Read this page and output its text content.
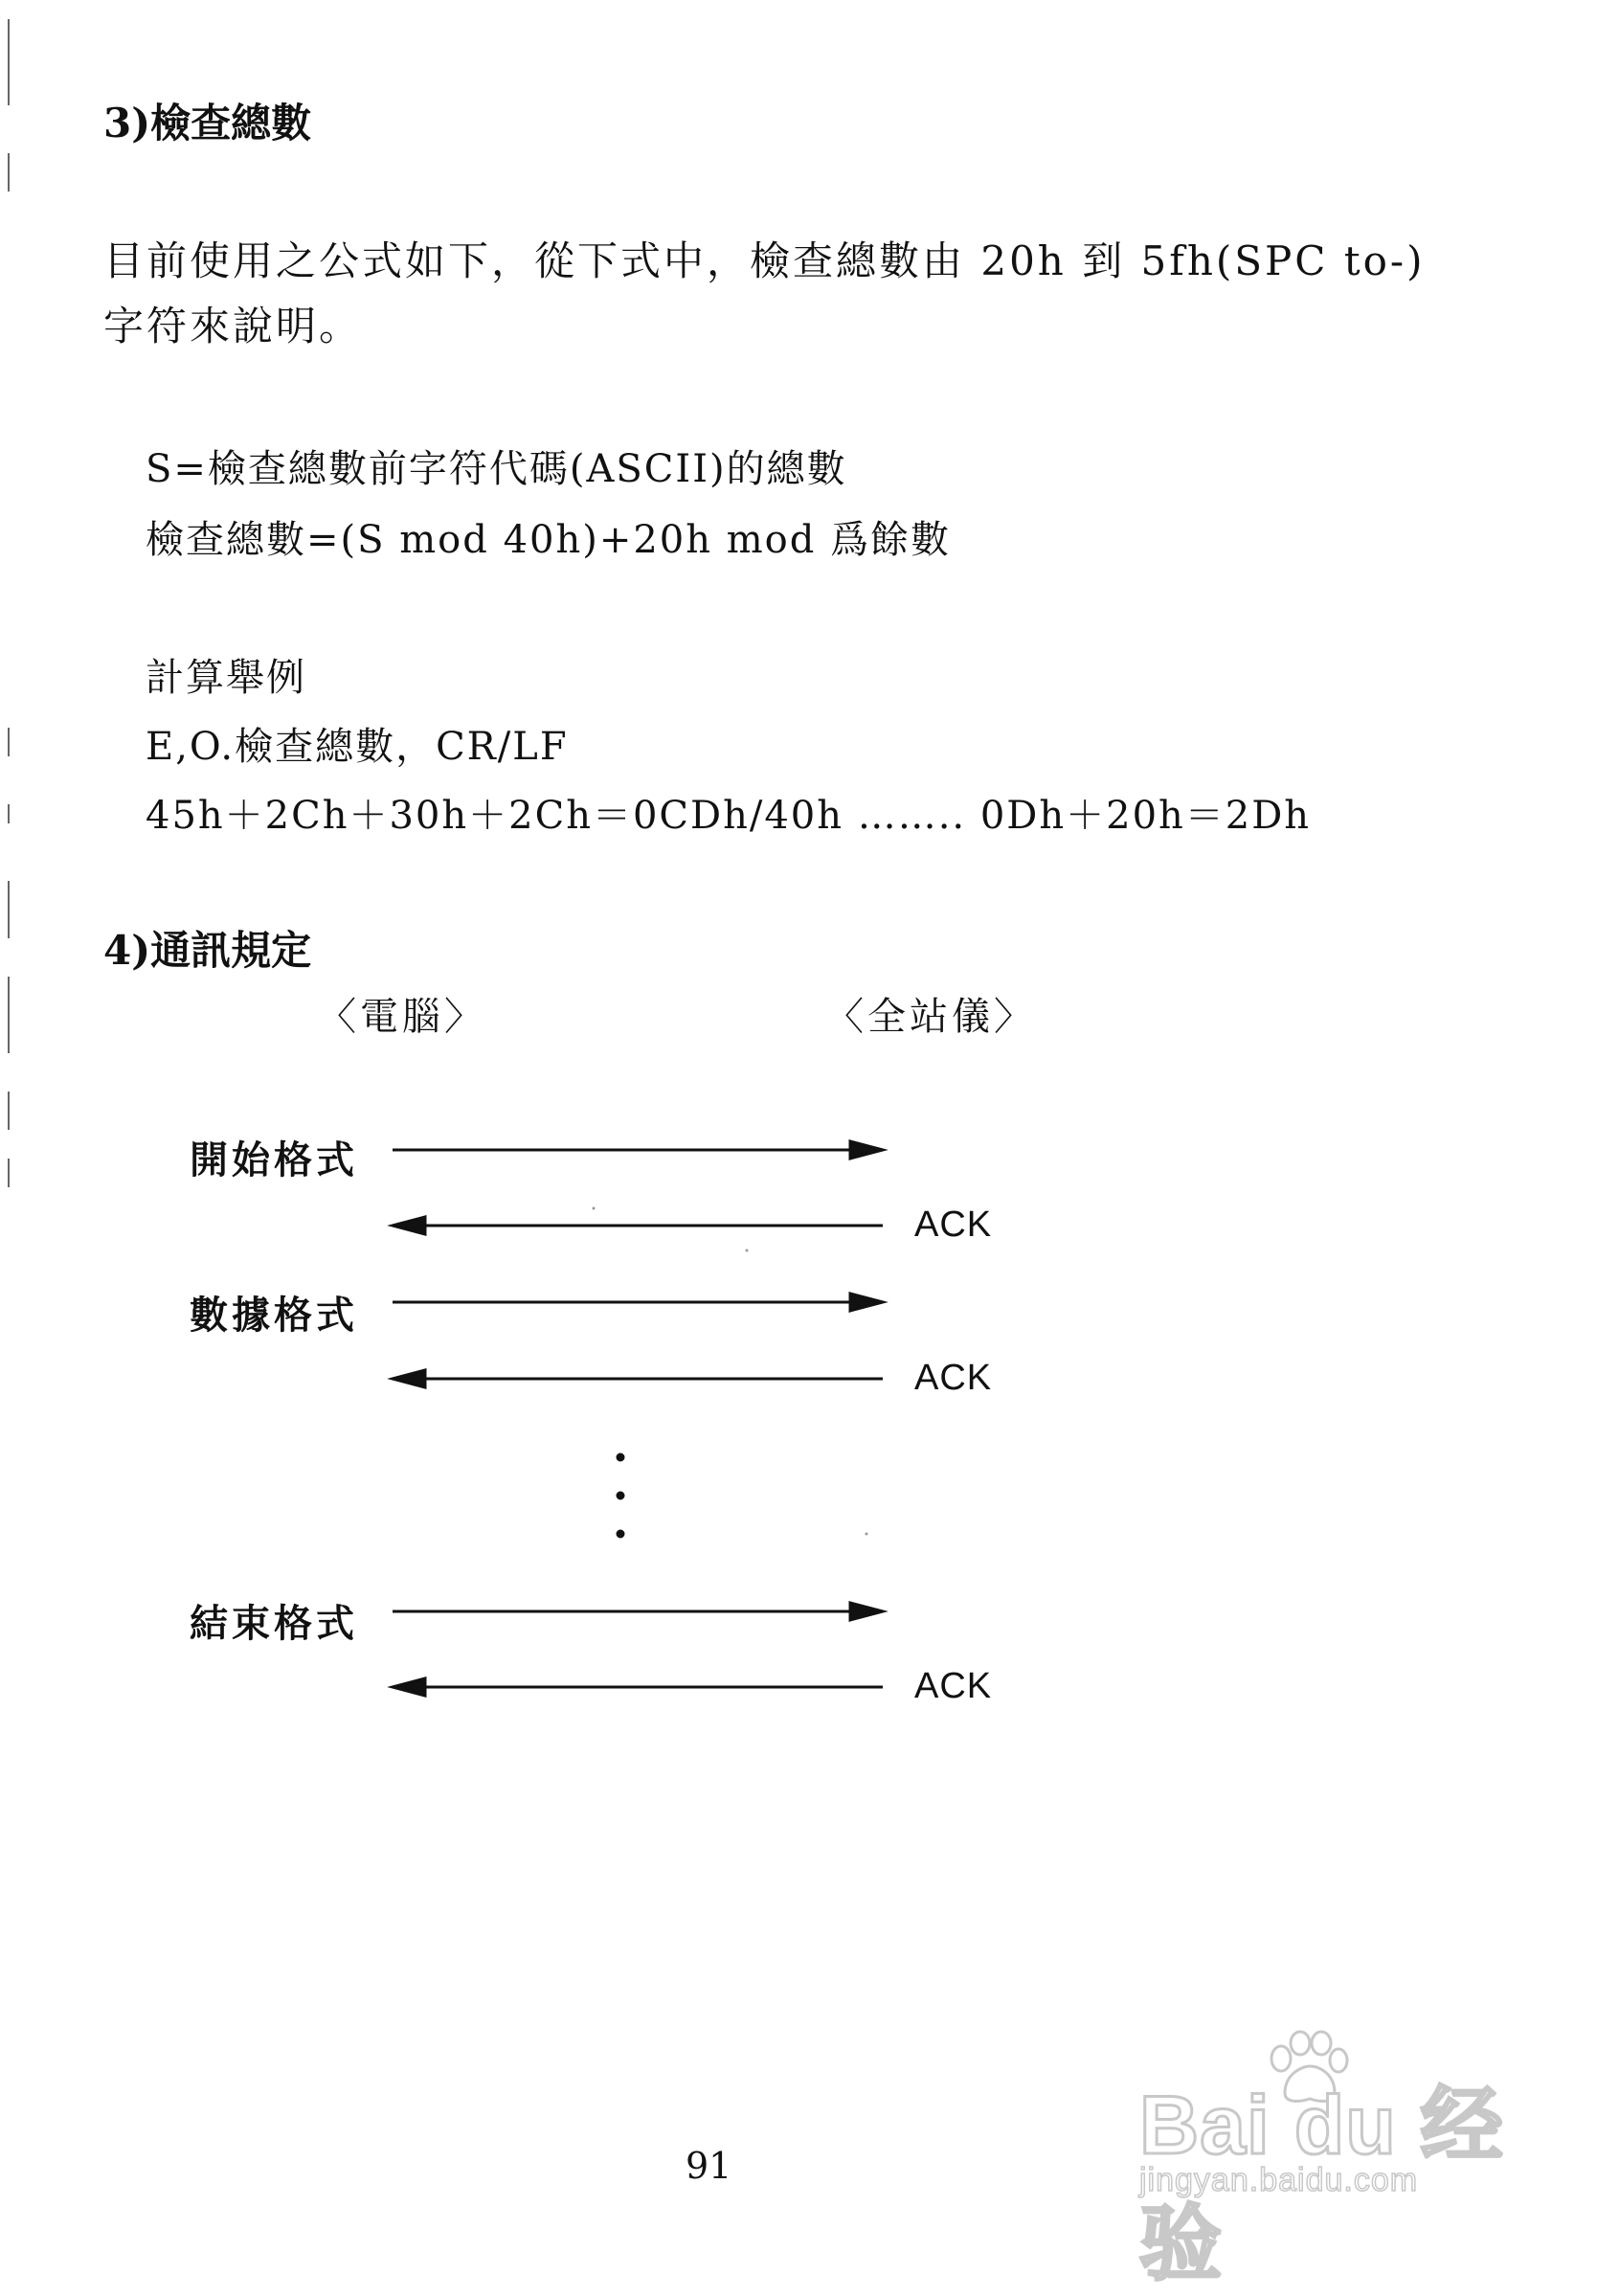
3)檢查總數
目前使用之公式如下，從下式中，檢查總數由 20h 到 5fh(SPC to-)
字符來說明。
S=檢查總數前字符代碼(ASCII)的總數
檢查總數=(S mod 40h)+20h mod 爲餘數
計算舉例
E,O.檢查總數，CR/LF
45h＋2Ch＋30h＋2Ch＝0CDh/40h …….. 0Dh＋20h＝2Dh
4)通訊規定
〈電腦〉	〈全站儀〉
開始格式
數據格式
結束格式
ACK
ACK
ACK
91	Bai du 经验
jingyan.baidu.com
